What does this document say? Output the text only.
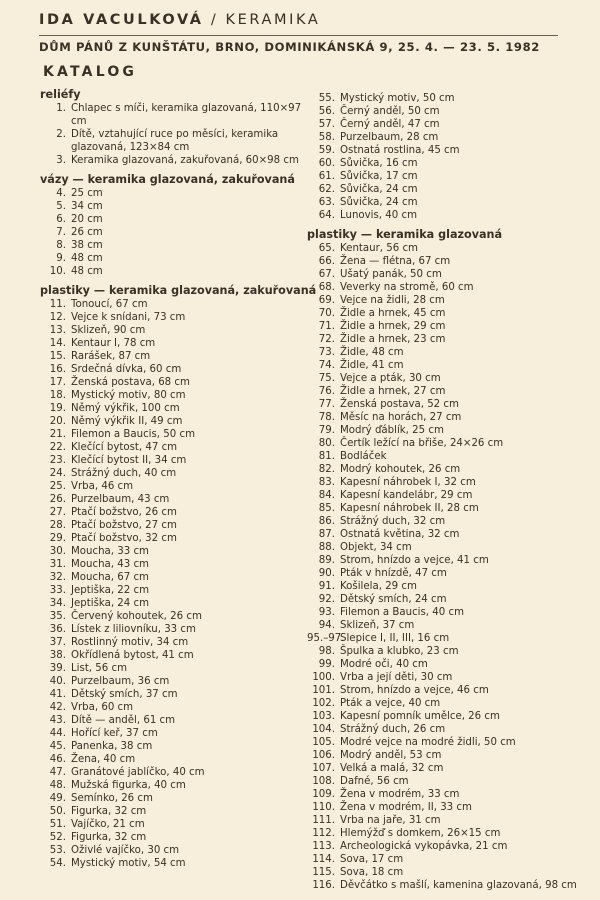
IDA VACULKOVÁ / KERAMIKA
DŮM PÁNŮ Z KUNŠTÁTU, BRNO, DOMINIKÁNSKÁ 9, 25. 4. — 23. 5. 1982
KATALOG
reliéfy
1. Chlapec s míči, keramika glazovaná, 110×97 cm
2. Dítě, vztahující ruce po měsíci, keramika glazovaná, 123×84 cm
3. Keramika glazovaná, zakuřovaná, 60×98 cm
vázy — keramika glazovaná, zakuřovaná
4. 25 cm
5. 34 cm
6. 20 cm
7. 26 cm
8. 38 cm
9. 48 cm
10. 48 cm
plastiky — keramika glazovaná, zakuřovaná
11. Tonoucí, 67 cm
12. Vejce k snídani, 73 cm
13. Sklizeň, 90 cm
14. Kentaur I, 78 cm
15. Rarášek, 87 cm
16. Srdečná dívka, 60 cm
17. Ženská postava, 68 cm
18. Mystický motiv, 80 cm
19. Němý výkřik, 100 cm
20. Němý výkřik II, 49 cm
21. Filemon a Baucis, 50 cm
22. Klečící bytost, 47 cm
23. Klečící bytost II, 34 cm
24. Strážný duch, 40 cm
25. Vrba, 46 cm
26. Purzelbaum, 43 cm
27. Ptačí božstvo, 26 cm
28. Ptačí božstvo, 27 cm
29. Ptačí božstvo, 32 cm
30. Moucha, 33 cm
31. Moucha, 43 cm
32. Moucha, 67 cm
33. Jeptiška, 22 cm
34. Jeptiška, 24 cm
35. Červený kohoutek, 26 cm
36. Lístek z liliovníku, 33 cm
37. Rostlinný motiv, 34 cm
38. Okřídlená bytost, 41 cm
39. List, 56 cm
40. Purzelbaum, 36 cm
41. Dětský smích, 37 cm
42. Vrba, 60 cm
43. Dítě — anděl, 61 cm
44. Hořící keř, 37 cm
45. Panenka, 38 cm
46. Žena, 40 cm
47. Granátové jablíčko, 40 cm
48. Mužská figurka, 40 cm
49. Semínko, 26 cm
50. Figurka, 32 cm
51. Vajíčko, 21 cm
52. Figurka, 32 cm
53. Oživlé vajíčko, 30 cm
54. Mystický motiv, 54 cm
55. Mystický motiv, 50 cm
56. Černý anděl, 50 cm
57. Černý anděl, 47 cm
58. Purzelbaum, 28 cm
59. Ostnatá rostlina, 45 cm
60. Sůvička, 16 cm
61. Sůvička, 17 cm
62. Sůvička, 24 cm
63. Sůvička, 24 cm
64. Lunovis, 40 cm
plastiky — keramika glazovaná
65. Kentaur, 56 cm
66. Žena — flétna, 67 cm
67. Ušatý panák, 50 cm
68. Veverky na stromě, 60 cm
69. Vejce na židli, 28 cm
70. Židle a hrnek, 45 cm
71. Židle a hrnek, 29 cm
72. Židle a hrnek, 23 cm
73. Židle, 48 cm
74. Židle, 41 cm
75. Vejce a pták, 30 cm
76. Židle a hrnek, 27 cm
77. Ženská postava, 52 cm
78. Měsíc na horách, 27 cm
79. Modrý ďáblík, 25 cm
80. Čertík ležící na břiše, 24×26 cm
81. Bodláček
82. Modrý kohoutek, 26 cm
83. Kapesní náhrobek I, 32 cm
84. Kapesní kandelábr, 29 cm
85. Kapesní náhrobek II, 28 cm
86. Strážný duch, 32 cm
87. Ostnatá květina, 32 cm
88. Objekt, 34 cm
89. Strom, hnízdo a vejce, 41 cm
90. Pták v hnízdě, 47 cm
91. Košilela, 29 cm
92. Dětský smích, 24 cm
93. Filemon a Baucis, 40 cm
94. Sklizeň, 37 cm
95.–97.
Slepice I, II, III, 16 cm
98. Špulka a klubko, 23 cm
99. Modré oči, 40 cm
100. Vrba a její děti, 30 cm
101. Strom, hnízdo a vejce, 46 cm
102. Pták a vejce, 40 cm
103. Kapesní pomník umělce, 26 cm
104. Strážný duch, 26 cm
105. Modré vejce na modré židli, 50 cm
106. Modrý anděl, 53 cm
107. Velká a malá, 32 cm
108. Dafné, 56 cm
109. Žena v modrém, 33 cm
110. Žena v modrém, II, 33 cm
111. Vrba na jaře, 31 cm
112. Hlemýžď s domkem, 26×15 cm
113. Archeologická vykopávka, 21 cm
114. Sova, 17 cm
115. Sova, 18 cm
116. Děvčátko s mašlí, kamenina glazovaná, 98 cm
